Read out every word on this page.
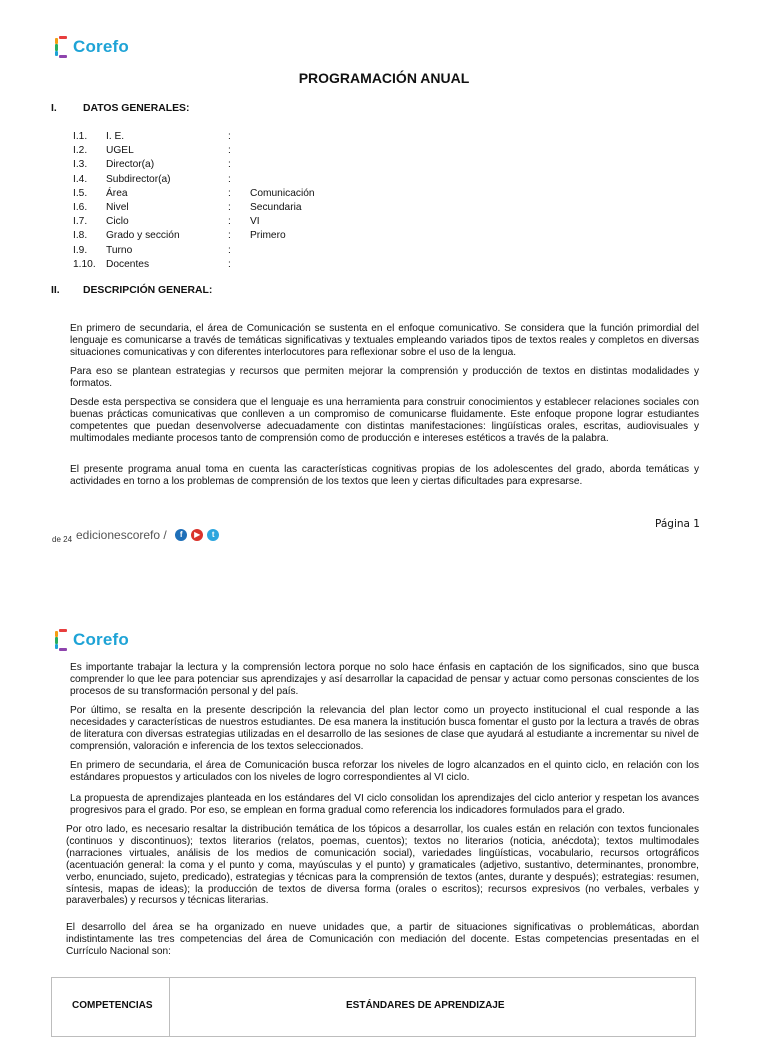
Corefo
PROGRAMACIÓN ANUAL
I.	DATOS GENERALES:
I.1.	I. E.	:
I.2.	UGEL	:
I.3.	Director(a)	:
I.4.	Subdirector(a)	:
I.5.	Área	:	Comunicación
I.6.	Nivel	:	Secundaria
I.7.	Ciclo	:	VI
I.8.	Grado y sección	:	Primero
I.9.	Turno	:
1.10.	Docentes	:
II. DESCRIPCIÓN GENERAL:

En primero de secundaria, el área de Comunicación se sustenta en el enfoque comunicativo. Se considera que la función primordial del lenguaje es comunicarse a través de temáticas significativas y textuales empleando variados tipos de textos reales y completos en diversas situaciones comunicativas y con diferentes interlocutores para reflexionar sobre el uso de la lengua.

Para eso se plantean estrategias y recursos que permiten mejorar la comprensión y producción de textos en distintas modalidades y formatos.

Desde esta perspectiva se considera que el lenguaje es una herramienta para construir conocimientos y establecer relaciones sociales con buenas prácticas comunicativas que conlleven a un compromiso de comunicarse fluidamente. Este enfoque propone lograr estudiantes competentes que puedan desenvolverse adecuadamente con distintas manifestaciones: lingüísticas orales, escritas, audiovisuales y multimodales mediante procesos tanto de comprensión como de producción e intereses estéticos a través de la palabra.

El presente programa anual toma en cuenta las características cognitivas propias de los adolescentes del grado, aborda temáticas y actividades en torno a los problemas de comprensión de los textos que leen y ciertas dificultades para expresarse.

de 24 edicionescorefo /	f	▶	t
Página 1
Corefo

Es importante trabajar la lectura y la comprensión lectora porque no solo hace énfasis en captación de los significados, sino que busca comprender lo que lee para potenciar sus aprendizajes y así desarrollar la capacidad de pensar y actuar como personas conscientes de los procesos de su transformación personal y del país.

Por último, se resalta en la presente descripción la relevancia del plan lector como un proyecto institucional el cual responde a las necesidades y características de nuestros estudiantes. De esa manera la institución busca fomentar el gusto por la lectura a través de obras de literatura con diversas estrategias utilizadas en el desarrollo de las sesiones de clase que ayudará al estudiante a incrementar su nivel de comprensión, valoración e inferencia de los textos seleccionados.

En primero de secundaria, el área de Comunicación busca reforzar los niveles de logro alcanzados en el quinto ciclo, en relación con los estándares propuestos y articulados con los niveles de logro correspondientes al VI ciclo.

La propuesta de aprendizajes planteada en los estándares del VI ciclo consolidan los aprendizajes del ciclo anterior y respetan los avances progresivos para el grado. Por eso, se emplean en forma gradual como referencia los indicadores formulados para el grado.

Por otro lado, es necesario resaltar la distribución temática de los tópicos a desarrollar, los cuales están en relación con textos funcionales (continuos y discontinuos); textos literarios (relatos, poemas, cuentos); textos no literarios (noticia, anécdota); textos multimodales (narraciones virtuales, análisis de los medios de comunicación social), variedades lingüísticas, vocabulario, recursos ortográficos (acentuación general: la coma y el punto y coma, mayúsculas y el punto) y gramaticales (adjetivo, sustantivo, determinantes, pronombre, verbo, enunciado, sujeto, predicado), estrategias y técnicas para la comprensión de textos (antes, durante y después); estrategias: resumen, síntesis, mapas de ideas); la producción de textos de diversa forma (orales o escritos); recursos expresivos (no verbales, verbales y paraverbales) y recursos y técnicas literarias.

El desarrollo del área se ha organizado en nueve unidades que, a partir de situaciones significativas o problemáticas, abordan indistintamente las tres competencias del área de Comunicación con mediación del docente. Estas competencias presentadas en el Currículo Nacional son:

COMPETENCIAS	ESTÁNDARES DE APRENDIZAJE
